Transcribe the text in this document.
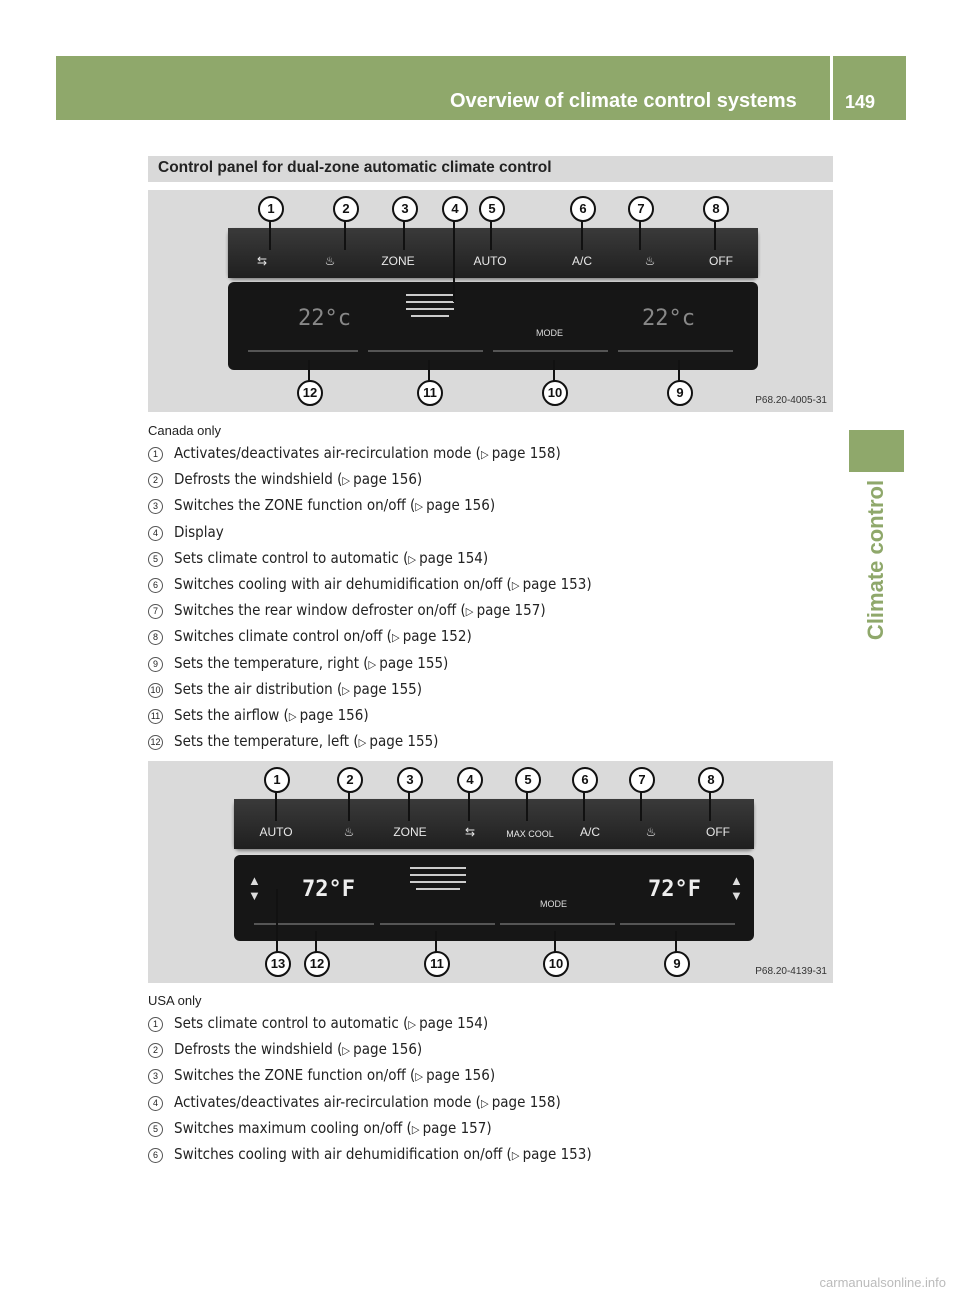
Overview of climate control systems	149
Climate control
Control panel for dual-zone automatic climate control
⇆	♨	ZONE	AUTO	A/C	♨	OFF
22°c
MODE
22°c
1	2	3	4	5	6	7	8
12	11	10	9
P68.20-4005-31
Canada only
1 Activates/deactivates air-recirculation mode (▷ page 158)
2 Defrosts the windshield (▷ page 156)
3 Switches the ZONE function on/off (▷ page 156)
4 Display
5 Sets climate control to automatic (▷ page 154)
6 Switches cooling with air dehumidification on/off (▷ page 153)
7 Switches the rear window defroster on/off (▷ page 157)
8 Switches climate control on/off (▷ page 152)
9 Sets the temperature, right (▷ page 155)
10 Sets the air distribution (▷ page 155)
11 Sets the airflow (▷ page 156)
12 Sets the temperature, left (▷ page 155)
AUTO	♨	ZONE	⇆	MAX COOL	A/C	♨	OFF
▲
▼ 72°F
MODE
72°F ▲
▼
1	2	3	4	5	6	7	8
13	12	11	10	9
P68.20-4139-31
USA only
1 Sets climate control to automatic (▷ page 154)
2 Defrosts the windshield (▷ page 156)
3 Switches the ZONE function on/off (▷ page 156)
4 Activates/deactivates air-recirculation mode (▷ page 158)
5 Switches maximum cooling on/off (▷ page 157)
6 Switches cooling with air dehumidification on/off (▷ page 153)
carmanualsonline.info
